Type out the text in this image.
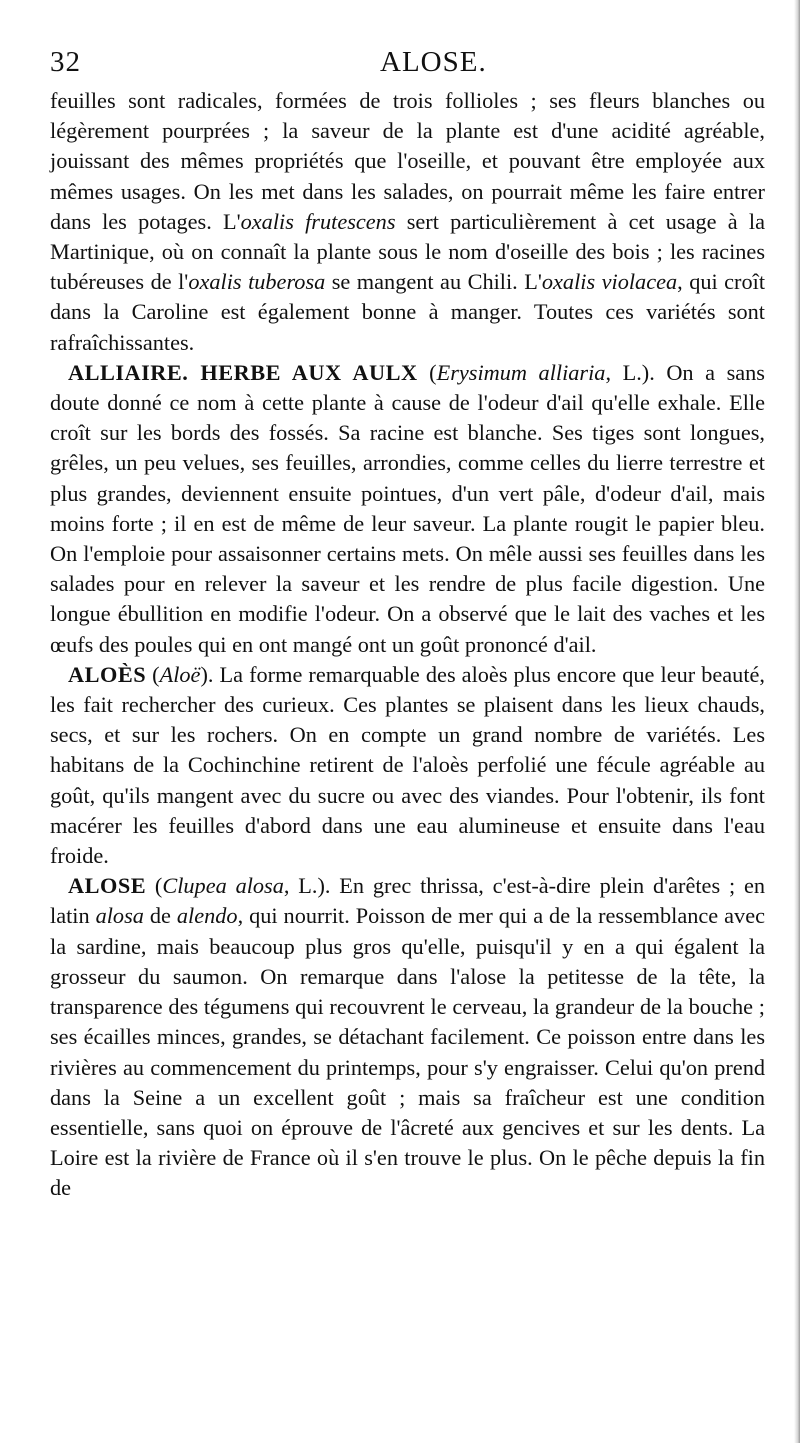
32	ALOSE.

feuilles sont radicales, formées de trois follioles ; ses fleurs blanches ou légèrement pourprées ; la saveur de la plante est d'une acidité agréable, jouissant des mêmes propriétés que l'oseille, et pouvant être employée aux mêmes usages. On les met dans les salades, on pourrait même les faire entrer dans les potages. L'oxalis frutescens sert particulièrement à cet usage à la Martinique, où on connaît la plante sous le nom d'oseille des bois ; les racines tubéreuses de l'oxalis tuberosa se mangent au Chili. L'oxalis violacea, qui croît dans la Caroline est également bonne à manger. Toutes ces variétés sont rafraîchissantes.

ALLIAIRE. HERBE AUX AULX (Erysimum alliaria, L.). On a sans doute donné ce nom à cette plante à cause de l'odeur d'ail qu'elle exhale. Elle croît sur les bords des fossés. Sa racine est blanche. Ses tiges sont longues, grêles, un peu velues, ses feuilles, arrondies, comme celles du lierre terrestre et plus grandes, deviennent ensuite pointues, d'un vert pâle, d'odeur d'ail, mais moins forte ; il en est de même de leur saveur. La plante rougit le papier bleu. On l'emploie pour assaisonner certains mets. On mêle aussi ses feuilles dans les salades pour en relever la saveur et les rendre de plus facile digestion. Une longue ébullition en modifie l'odeur. On a observé que le lait des vaches et les œufs des poules qui en ont mangé ont un goût prononcé d'ail.

ALOÈS (Aloë). La forme remarquable des aloès plus encore que leur beauté, les fait rechercher des curieux. Ces plantes se plaisent dans les lieux chauds, secs, et sur les rochers. On en compte un grand nombre de variétés. Les habitans de la Cochinchine retirent de l'aloès perfolié une fécule agréable au goût, qu'ils mangent avec du sucre ou avec des viandes. Pour l'obtenir, ils font macérer les feuilles d'abord dans une eau alumineuse et ensuite dans l'eau froide.

ALOSE (Clupea alosa, L.). En grec thrissa, c'est-à-dire plein d'arêtes ; en latin alosa de alendo, qui nourrit. Poisson de mer qui a de la ressemblance avec la sardine, mais beaucoup plus gros qu'elle, puisqu'il y en a qui égalent la grosseur du saumon. On remarque dans l'alose la petitesse de la tête, la transparence des tégumens qui recouvrent le cerveau, la grandeur de la bouche ; ses écailles minces, grandes, se détachant facilement. Ce poisson entre dans les rivières au commencement du printemps, pour s'y engraisser. Celui qu'on prend dans la Seine a un excellent goût ; mais sa fraîcheur est une condition essentielle, sans quoi on éprouve de l'âcreté aux gencives et sur les dents. La Loire est la rivière de France où il s'en trouve le plus. On le pêche depuis la fin de
